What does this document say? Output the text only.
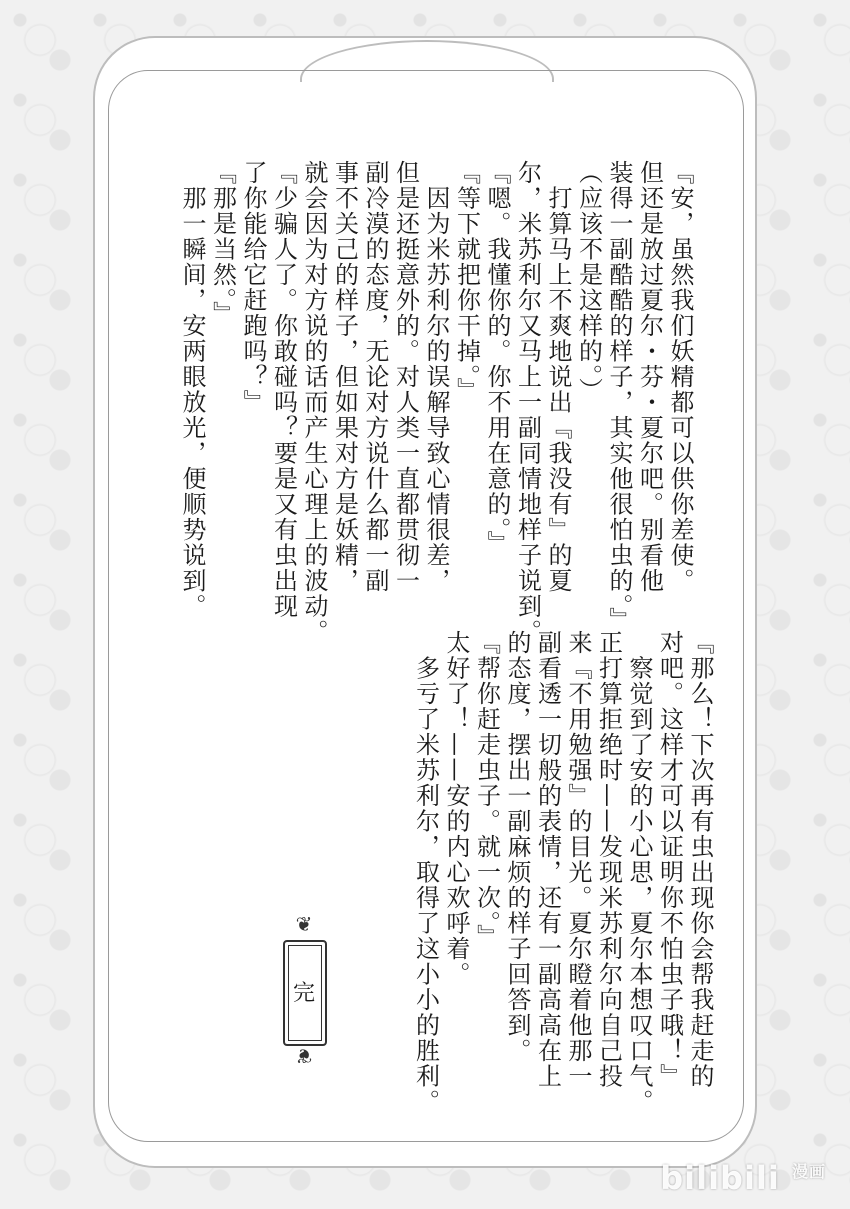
『安，虽然我们妖精都可以供你差使。
但还是放过夏尔・芬・夏尔吧。别看他
装得一副酷酷的样子，其实他很怕虫的。』
（应该不是这样的。）
　打算马上不爽地说出『我没有』的夏
尔，米苏利尔又马上一副同情地样子说到。
『嗯。我懂你的。你不用在意的。』
『等下就把你干掉。』
　因为米苏利尔的误解导致心情很差，
但是还挺意外的。对人类一直都贯彻一
副冷漠的态度，无论对方说什么都一副
事不关己的样子，但如果对方是妖精，
就会因为对方说的话而产生心理上的波动。
『少骗人了。你敢碰吗？要是又有虫出现
了你能给它赶跑吗？』
『那是当然。』
　那一瞬间，安两眼放光，便顺势说到。
『那么！下次再有虫出现你会帮我赶走的
对吧。这样才可以证明你不怕虫子哦！』
　察觉到了安的小心思，夏尔本想叹口气。
正打算拒绝时——发现米苏利尔向自己投
来『不用勉强』的目光。夏尔瞪着他那一
副看透一切般的表情，还有一副高高在上
的态度，摆出一副麻烦的样子回答到。
『帮你赶走虫子。就一次。』
太好了！——安的内心欢呼着。
　多亏了米苏利尔，取得了这小小的胜利。
❦
完
❦
bilibili $^{漫画}$
